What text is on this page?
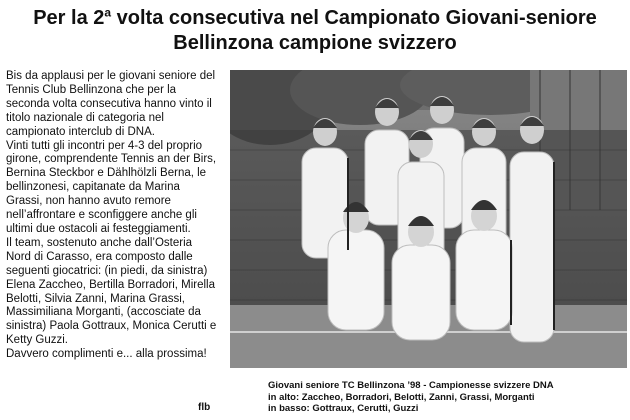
Per la 2$^a$ volta consecutiva nel Campionato Giovani-seniore
Bellinzona campione svizzero

Bis da applausi per le giovani seniore del Tennis Club Bellinzona che per la seconda volta consecutiva hanno vinto il titolo nazionale di categoria nel campionato interclub di DNA.

Vinti tutti gli incontri per 4-3 del proprio girone, comprendente Tennis an der Birs, Bernina Steckbor e Dählhölzli Berna, le bellinzonesi, capitanate da Marina Grassi, non hanno avuto remore nell’affrontare e sconfiggere anche gli ultimi due ostacoli ai festeggiamenti.

Il team, sostenuto anche dall’Osteria Nord di Carasso, era composto dalle seguenti giocatrici: (in piedi, da sinistra) Elena Zaccheo, Bertilla Borradori, Mirella Belotti, Silvia Zanni, Marina Grassi, Massimiliana Morganti, (accosciate da sinistra) Paola Gottraux, Monica Cerutti e Ketty Guzzi.

Davvero complimenti e... alla prossima!

flb
Giovani seniore TC Bellinzona ’98 - Campionesse svizzere DNA
in alto: Zaccheo, Borradori, Belotti, Zanni, Grassi, Morganti
in basso: Gottraux, Cerutti, Guzzi
